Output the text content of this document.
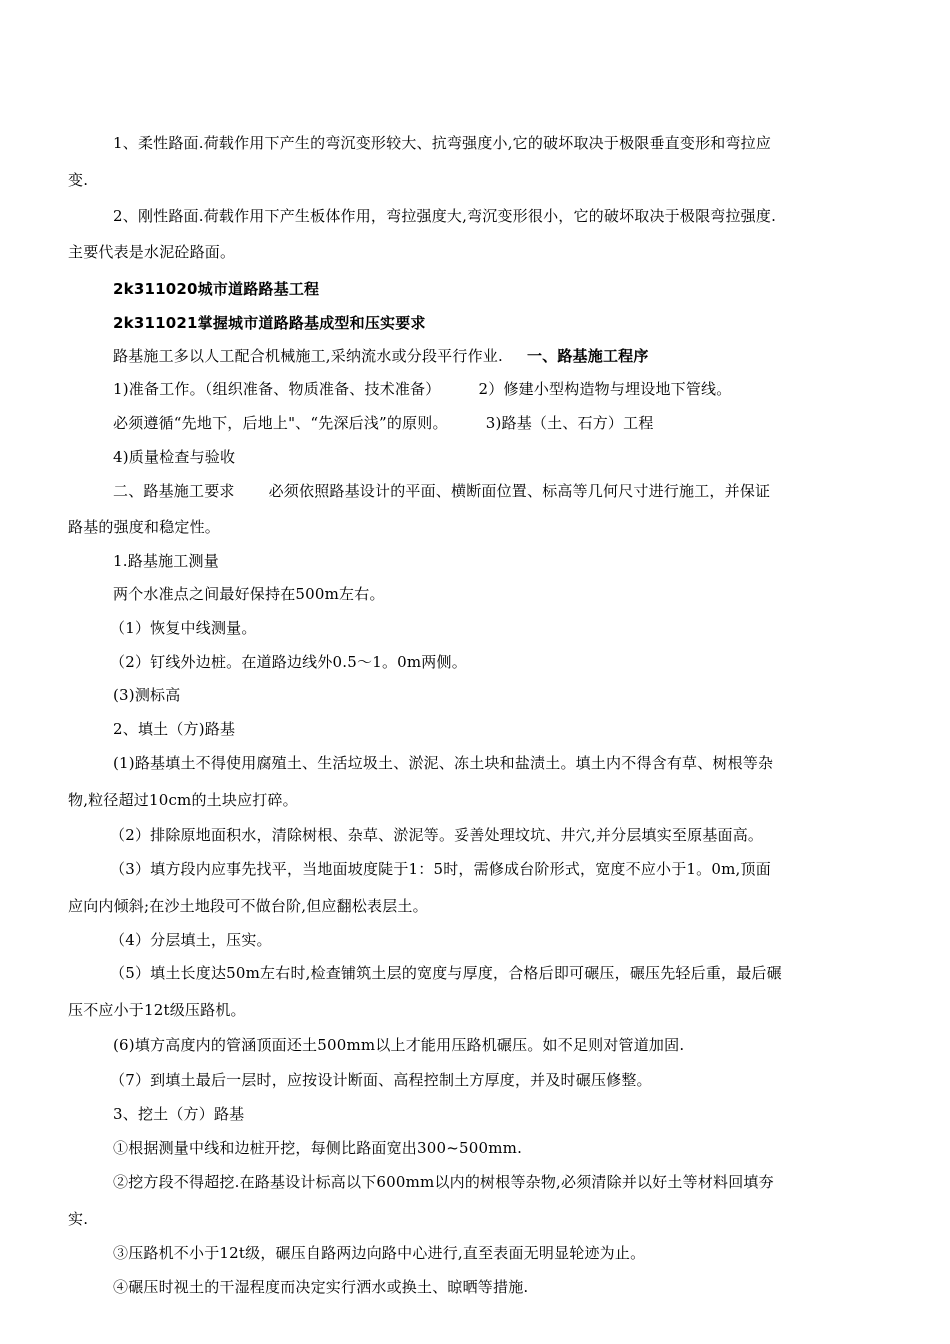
1、柔性路面.荷载作用下产生的弯沉变形较大、抗弯强度小,它的破坏取决于极限垂直变形和弯拉应
变.
2、刚性路面.荷载作用下产生板体作用，弯拉强度大,弯沉变形很小，它的破坏取决于极限弯拉强度.
主要代表是水泥砼路面。
2k311020城市道路路基工程
2k311021掌握城市道路路基成型和压实要求
路基施工多以人工配合机械施工,采纳流水或分段平行作业. 一、路基施工程序
1)准备工作。（组织准备、物质准备、技术准备）	2）修建小型构造物与埋设地下管线。
必须遵循“先地下，后地上"、“先深后浅”的原则。	3)路基（土、石方）工程
4)质量检查与验收
二、路基施工要求 必须依照路基设计的平面、横断面位置、标高等几何尺寸进行施工，并保证
路基的强度和稳定性。
1.路基施工测量
两个水准点之间最好保持在500m左右。
（1）恢复中线测量。
（2）钉线外边桩。在道路边线外0.5～1。0m两侧。
(3)测标高
2、填土（方)路基
(1)路基填土不得使用腐殖土、生活垃圾土、淤泥、冻土块和盐渍土。填土内不得含有草、树根等杂
物,粒径超过10cm的土块应打碎。
（2）排除原地面积水，清除树根、杂草、淤泥等。妥善处理坟坑、井穴,并分层填实至原基面高。
（3）填方段内应事先找平，当地面坡度陡于1：5时，需修成台阶形式，宽度不应小于1。0m,顶面
应向内倾斜;在沙土地段可不做台阶,但应翻松表层土。
（4）分层填土，压实。
（5）填土长度达50m左右时,检查铺筑土层的宽度与厚度，合格后即可碾压，碾压先轻后重，最后碾
压不应小于12t级压路机。
(6)填方高度内的管涵顶面还土500mm以上才能用压路机碾压。如不足则对管道加固.
（7）到填土最后一层时，应按设计断面、高程控制土方厚度，并及时碾压修整。
3、挖土（方）路基
①根据测量中线和边桩开挖，每侧比路面宽出300~500mm.
②挖方段不得超挖.在路基设计标高以下600mm以内的树根等杂物,必须清除并以好土等材料回填夯
实.
③压路机不小于12t级，碾压自路两边向路中心进行,直至表面无明显轮迹为止。
④碾压时视土的干湿程度而决定实行洒水或换土、晾晒等措施.
